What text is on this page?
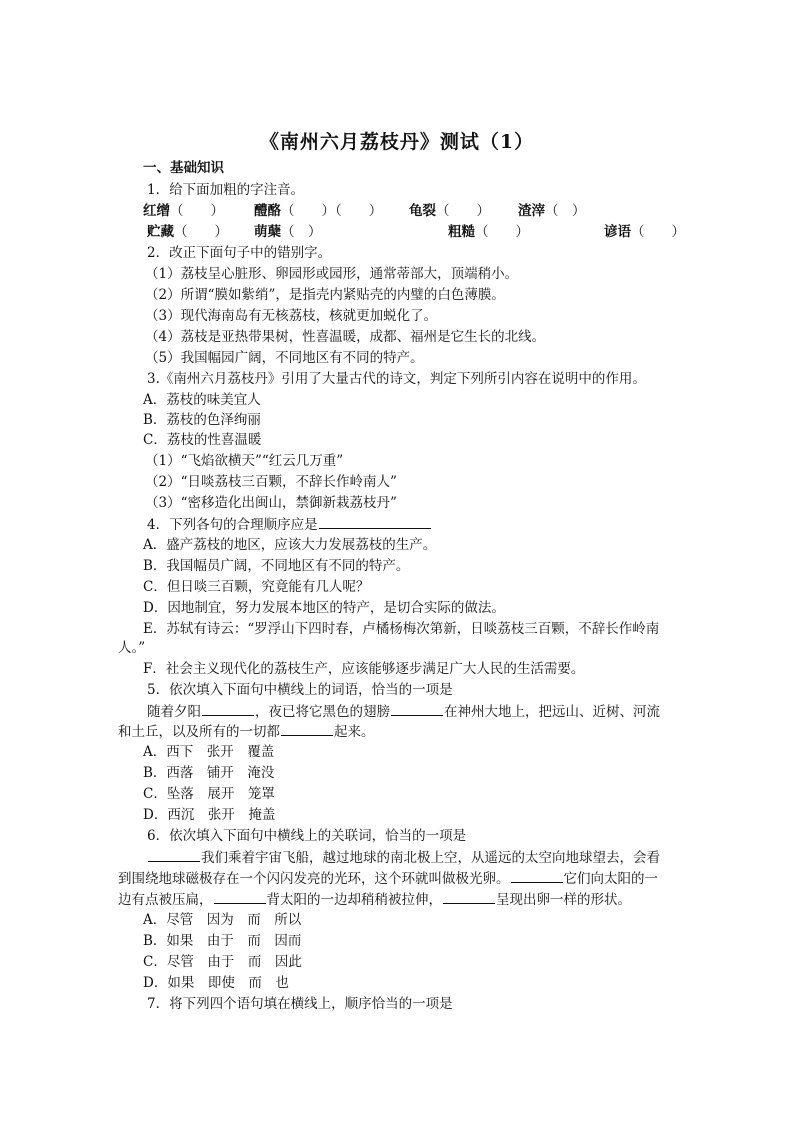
《南州六月荔枝丹》测试（1）
一、基础知识
1．给下面加粗的字注音。
红缯（　　） 醴酪（　　）（　　） 龟裂（　　） 渣滓（　）
贮藏（　　） 萌蘖（　）	粗糙（　　）	谚语（　　）
2．改正下面句子中的错别字。
（1）荔枝呈心脏形、卵园形或园形，通常蒂部大，顶端稍小。
（2）所谓“膜如紫绡”，是指壳内紧贴壳的内璧的白色薄膜。
（3）现代海南岛有无核荔枝，核就更加蜕化了。
（4）荔枝是亚热带果树，性喜温暖，成都、福州是它生长的北线。
（5）我国幅园广阔，不同地区有不同的特产。
3.《南州六月荔枝丹》引用了大量古代的诗文，判定下列所引内容在说明中的作用。
A．荔枝的味美宜人
B．荔枝的色泽绚丽
C．荔枝的性喜温暖
（1）“飞焰欲横天”“红云几万重”
（2）“日啖荔枝三百颗，不辞长作岭南人”
（3）“密移造化出闽山，禁御新栽荔枝丹”
4．下列各句的合理顺序应是
A．盛产荔枝的地区，应该大力发展荔枝的生产。
B．我国幅员广阔，不同地区有不同的特产。
C．但日啖三百颗，究竟能有几人呢？
D．因地制宜，努力发展本地区的特产，是切合实际的做法。
E．苏轼有诗云：“罗浮山下四时春，卢橘杨梅次第新，日啖荔枝三百颗，不辞长作岭南
人。”
F．社会主义现代化的荔枝生产，应该能够逐步满足广大人民的生活需要。
5．依次填入下面句中横线上的词语，恰当的一项是
随着夕阳	，夜已将它黑色的翅膀	在神州大地上，把远山、近树、河流
和土丘，以及所有的一切都	起来。
A．西下　张开　覆盖
B．西落　铺开　淹没
C．坠落　展开　笼罩
D．西沉　张开　掩盖
6．依次填入下面句中横线上的关联词，恰当的一项是
我们乘着宇宙飞船，越过地球的南北极上空，从遥远的太空向地球望去，会看
到围绕地球磁极存在一个闪闪发亮的光环，这个环就叫做极光卵。	它们向太阳的一
边有点被压扁，	背太阳的一边却稍稍被拉伸，	呈现出卵一样的形状。
A．尽管　因为　而　所以
B．如果　由于　而　因而
C．尽管　由于　而　因此
D．如果　即使　而　也
7．将下列四个语句填在横线上，顺序恰当的一项是
